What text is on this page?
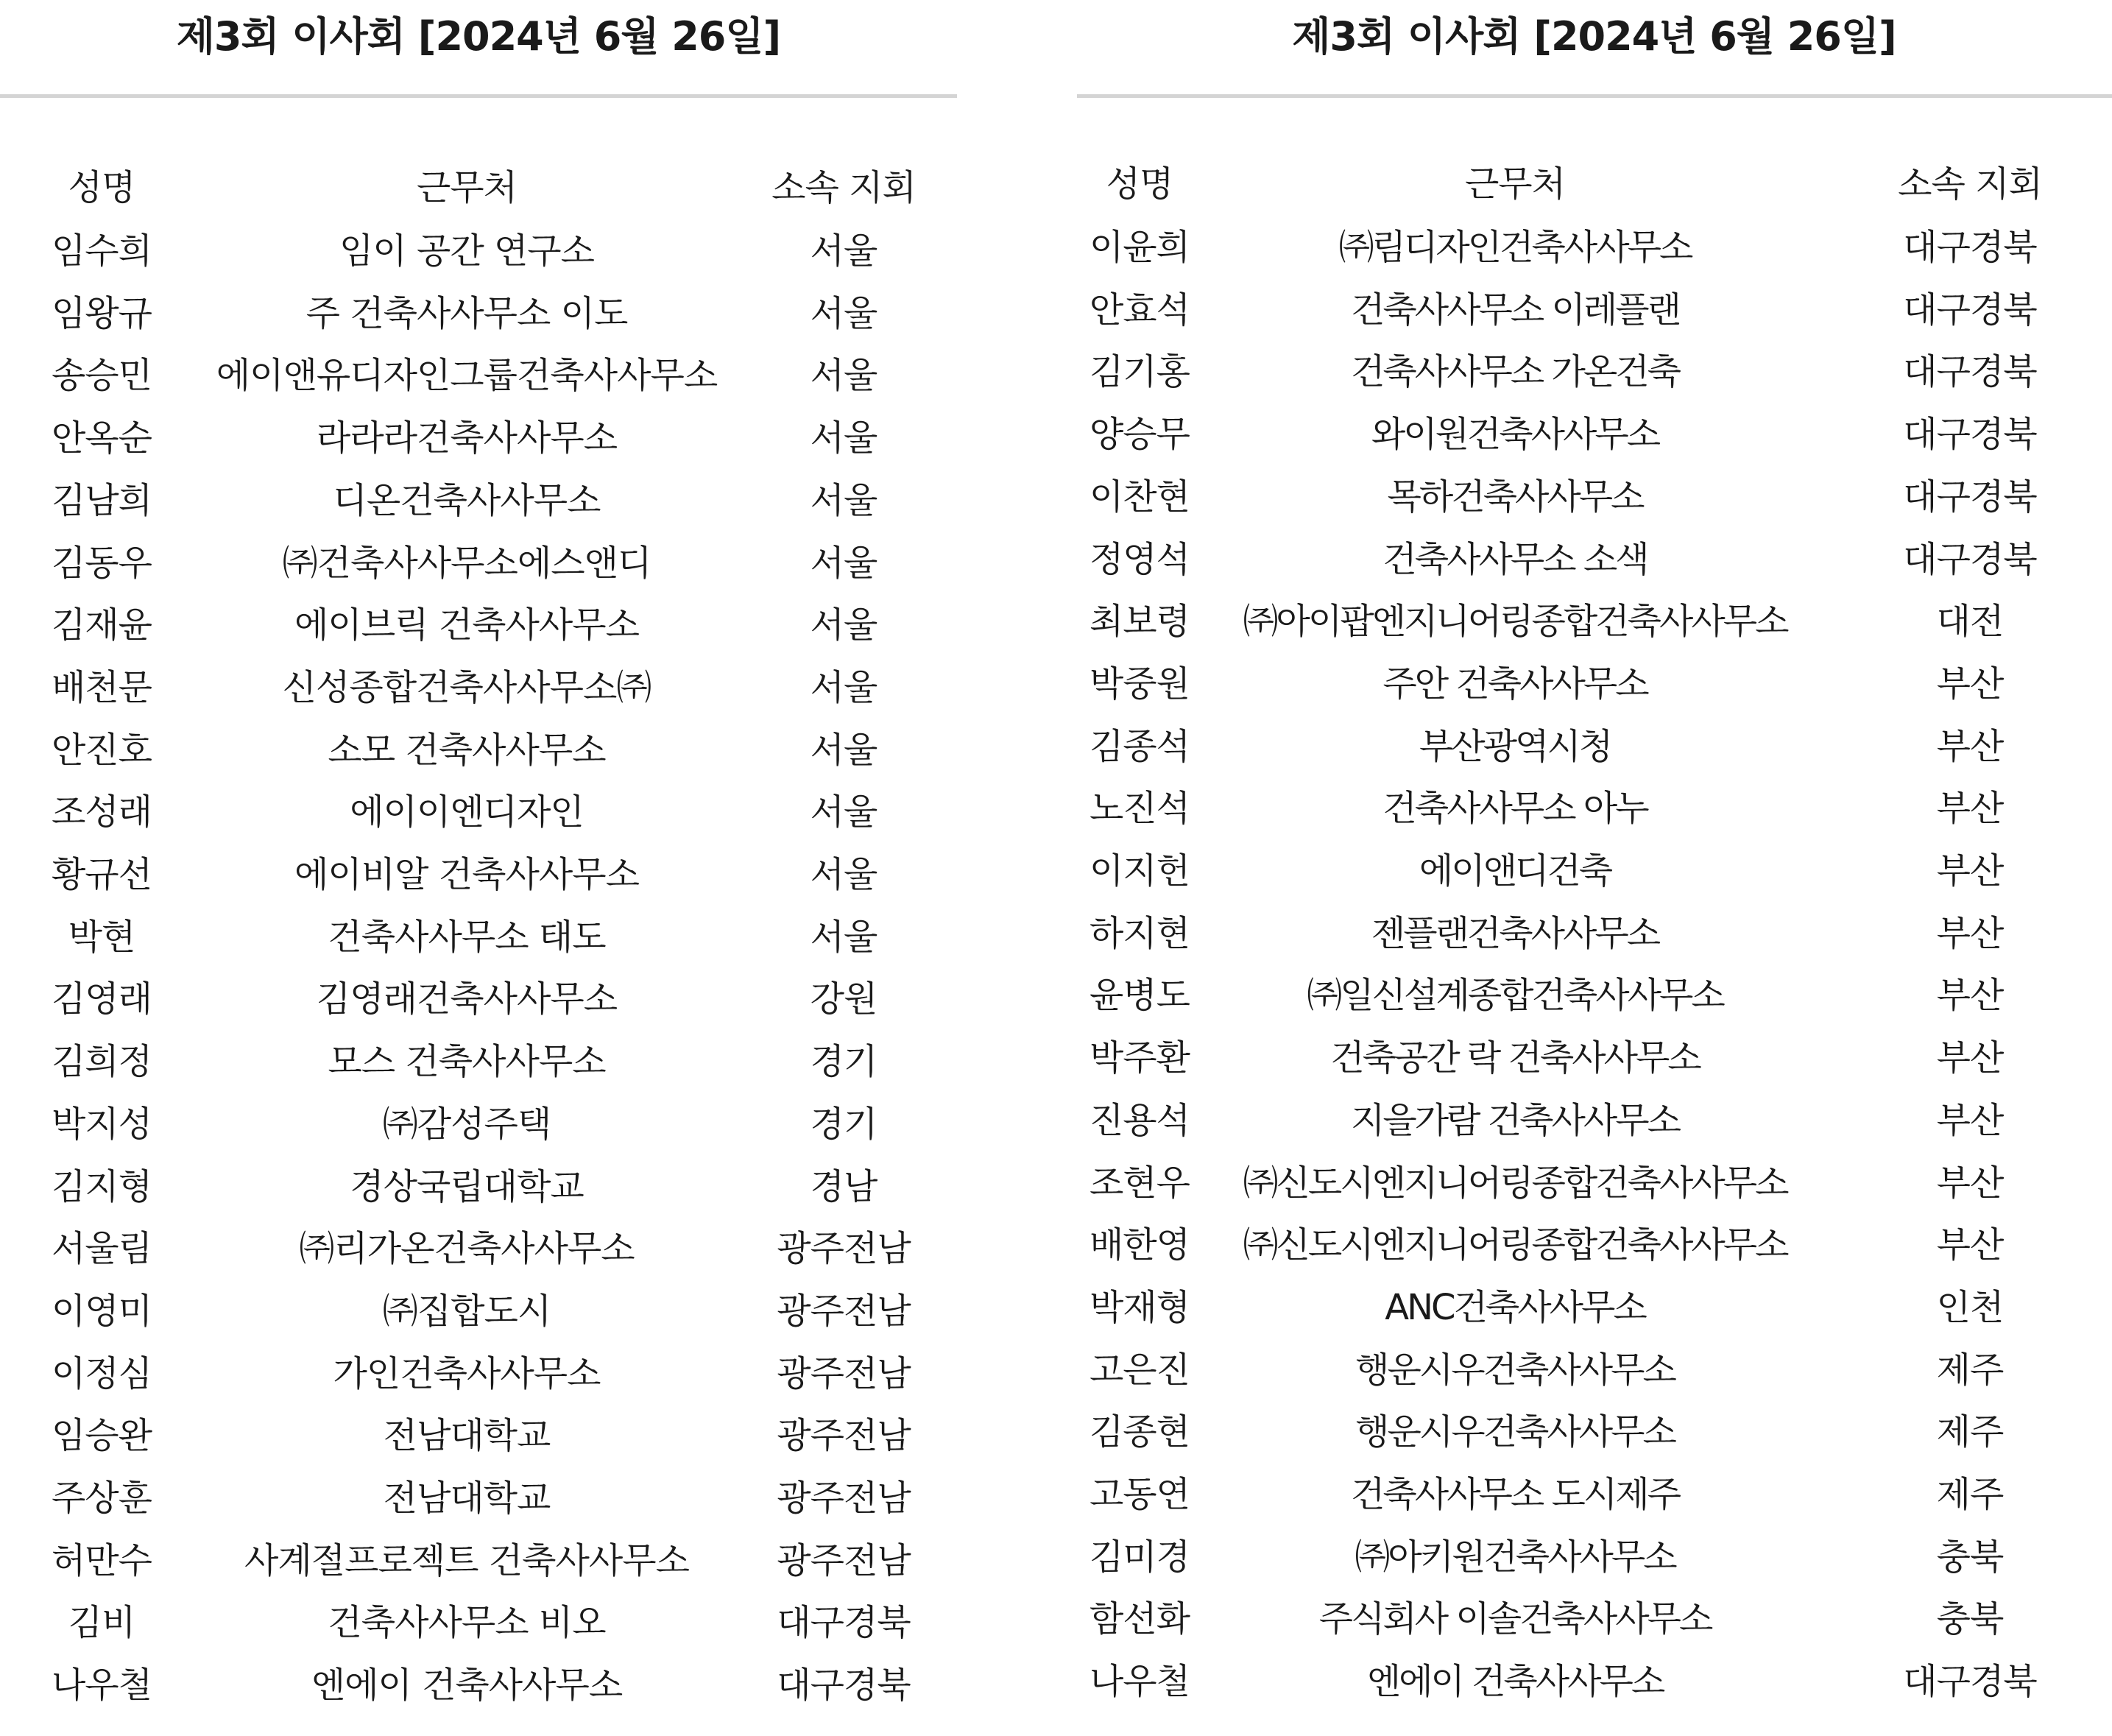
제3회 이사회 [2024년 6월 26일]
성명	근무처	소속 지회
임수희	임이 공간 연구소	서울
임왕규	주 건축사사무소 이도	서울
송승민	에이앤유디자인그룹건축사사무소	서울
안옥순	라라라건축사사무소	서울
김남희	디온건축사사무소	서울
김동우	㈜건축사사무소에스앤디	서울
김재윤	에이브릭 건축사사무소	서울
배천문	신성종합건축사사무소㈜	서울
안진호	소모 건축사사무소	서울
조성래	에이이엔디자인	서울
황규선	에이비알 건축사사무소	서울
박현	건축사사무소 태도	서울
김영래	김영래건축사사무소	강원
김희정	모스 건축사사무소	경기
박지성	㈜감성주택	경기
김지형	경상국립대학교	경남
서울림	㈜리가온건축사사무소	광주전남
이영미	㈜집합도시	광주전남
이정심	가인건축사사무소	광주전남
임승완	전남대학교	광주전남
주상훈	전남대학교	광주전남
허만수	사계절프로젝트 건축사사무소	광주전남
김비	건축사사무소 비오	대구경북
나우철	엔에이 건축사사무소	대구경북
제3회 이사회 [2024년 6월 26일]
성명	근무처	소속 지회
이윤희	㈜림디자인건축사사무소	대구경북
안효석	건축사사무소 이레플랜	대구경북
김기홍	건축사사무소 가온건축	대구경북
양승무	와이원건축사사무소	대구경북
이찬현	목하건축사사무소	대구경북
정영석	건축사사무소 소색	대구경북
최보령	㈜아이팝엔지니어링종합건축사사무소	대전
박중원	주안 건축사사무소	부산
김종석	부산광역시청	부산
노진석	건축사사무소 아누	부산
이지헌	에이앤디건축	부산
하지현	젠플랜건축사사무소	부산
윤병도	㈜일신설계종합건축사사무소	부산
박주환	건축공간 락 건축사사무소	부산
진용석	지을가람 건축사사무소	부산
조현우	㈜신도시엔지니어링종합건축사사무소	부산
배한영	㈜신도시엔지니어링종합건축사사무소	부산
박재형	ANC건축사사무소	인천
고은진	행운시우건축사사무소	제주
김종현	행운시우건축사사무소	제주
고동연	건축사사무소 도시제주	제주
김미경	㈜아키원건축사사무소	충북
함선화	주식회사 이솔건축사사무소	충북
나우철	엔에이 건축사사무소	대구경북
